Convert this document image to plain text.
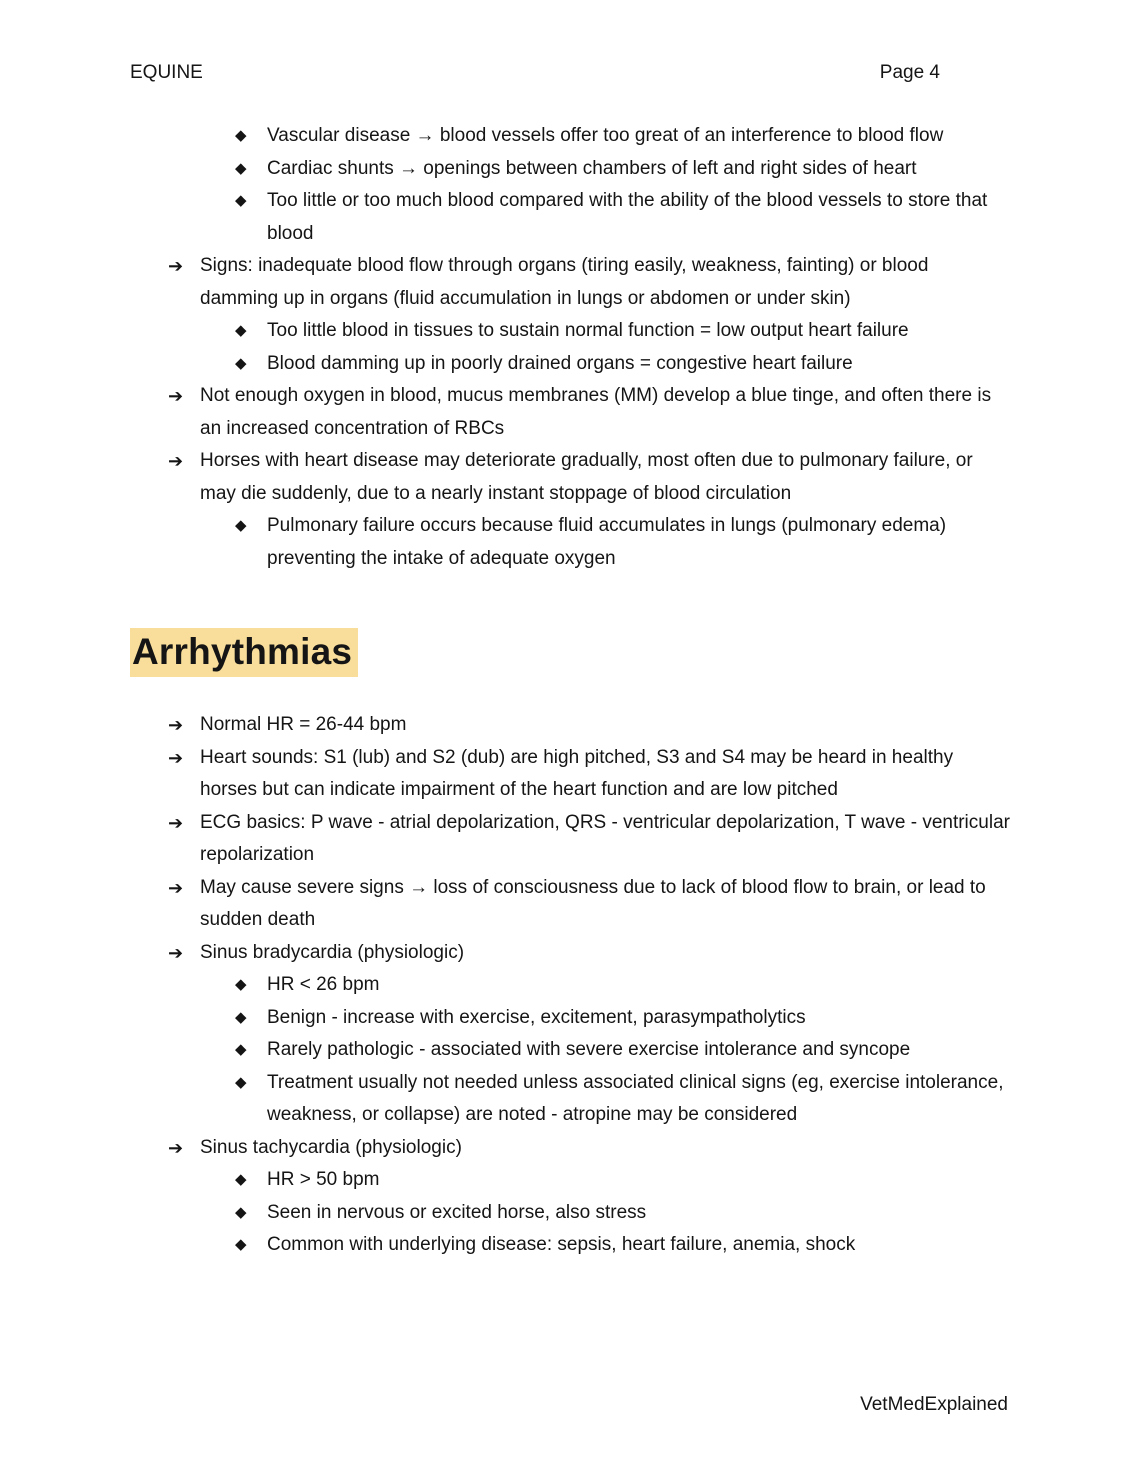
EQUINE	Page 4
◆	Vascular disease → blood vessels offer too great of an interference to blood flow
◆	Cardiac shunts → openings between chambers of left and right sides of heart
◆	Too little or too much blood compared with the ability of the blood vessels to store that blood
➔ Signs: inadequate blood flow through organs (tiring easily, weakness, fainting) or blood damming up in organs (fluid accumulation in lungs or abdomen or under skin)
◆	Too little blood in tissues to sustain normal function = low output heart failure
◆	Blood damming up in poorly drained organs = congestive heart failure
➔ Not enough oxygen in blood, mucus membranes (MM) develop a blue tinge, and often there is an increased concentration of RBCs
➔ Horses with heart disease may deteriorate gradually, most often due to pulmonary failure, or may die suddenly, due to a nearly instant stoppage of blood circulation
◆	Pulmonary failure occurs because fluid accumulates in lungs (pulmonary edema) preventing the intake of adequate oxygen
Arrhythmias
➔ Normal HR = 26-44 bpm
➔ Heart sounds: S1 (lub) and S2 (dub) are high pitched, S3 and S4 may be heard in healthy horses but can indicate impairment of the heart function and are low pitched
➔ ECG basics: P wave - atrial depolarization, QRS - ventricular depolarization, T wave - ventricular repolarization
➔ May cause severe signs → loss of consciousness due to lack of blood flow to brain, or lead to sudden death
➔ Sinus bradycardia (physiologic)
◆	HR < 26 bpm
◆	Benign - increase with exercise, excitement, parasympatholytics
◆	Rarely pathologic - associated with severe exercise intolerance and syncope
◆	Treatment usually not needed unless associated clinical signs (eg, exercise intolerance, weakness, or collapse) are noted - atropine may be considered
➔ Sinus tachycardia (physiologic)
◆	HR > 50 bpm
◆	Seen in nervous or excited horse, also stress
◆	Common with underlying disease: sepsis, heart failure, anemia, shock
VetMedExplained
